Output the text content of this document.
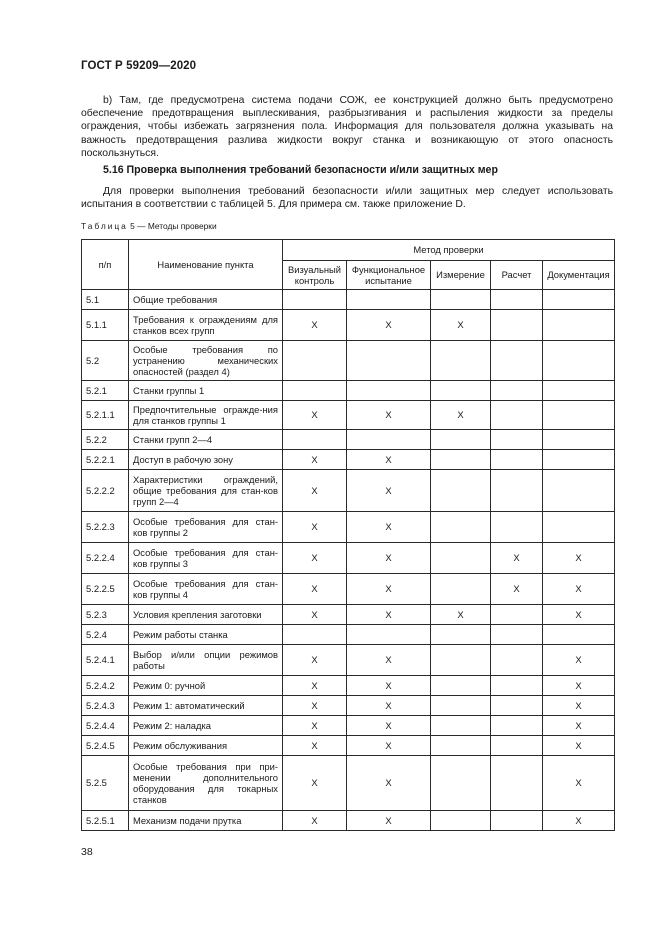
ГОСТ Р 59209—2020

b) Там, где предусмотрена система подачи СОЖ, ее конструкцией должно быть предусмотрено обеспечение предотвращения выплескивания, разбрызгивания и распыления жидкости за пределы ограждения, чтобы избежать загрязнения пола. Информация для пользователя должна указывать на важность предотвращения разлива жидкости вокруг станка и возникающую от этого опасность поскользнуться.

5.16 Проверка выполнения требований безопасности и/или защитных мер

Для проверки выполнения требований безопасности и/или защитных мер следует использовать испытания в соответствии с таблицей 5. Для примера см. также приложение D.

Таблица 5 — Методы проверки
п/п	Наименование пункта	Метод проверки				
		Визуальный контроль	Функциональное испытание	Измерение	Расчет	Документация
5.1	Общие требования					
5.1.1	Требования к ограждениям для станков всех групп	X	X	X		
5.2	Особые требования по устранению механических опасностей (раздел 4)					
5.2.1	Станки группы 1					
5.2.1.1	Предпочтительные огражде-ния для станков группы 1	X	X	X		
5.2.2	Станки групп 2—4					
5.2.2.1	Доступ в рабочую зону	X	X			
5.2.2.2	Характеристики ограждений, общие требования для стан-ков групп 2—4	X	X			
5.2.2.3	Особые требования для стан-ков группы 2	X	X			
5.2.2.4	Особые требования для стан-ков группы 3	X	X		X	X
5.2.2.5	Особые требования для стан-ков группы 4	X	X		X	X
5.2.3	Условия крепления заготовки	X	X	X		X
5.2.4	Режим работы станка					
5.2.4.1	Выбор и/или опции режимов работы	X	X			X
5.2.4.2	Режим 0: ручной	X	X			X
5.2.4.3	Режим 1: автоматический	X	X			X
5.2.4.4	Режим 2: наладка	X	X			X
5.2.4.5	Режим обслуживания	X	X			X
5.2.5	Особые требования при при-менении дополнительного оборудования для токарных станков	X	X			X
5.2.5.1	Механизм подачи прутка	X	X			X
38
